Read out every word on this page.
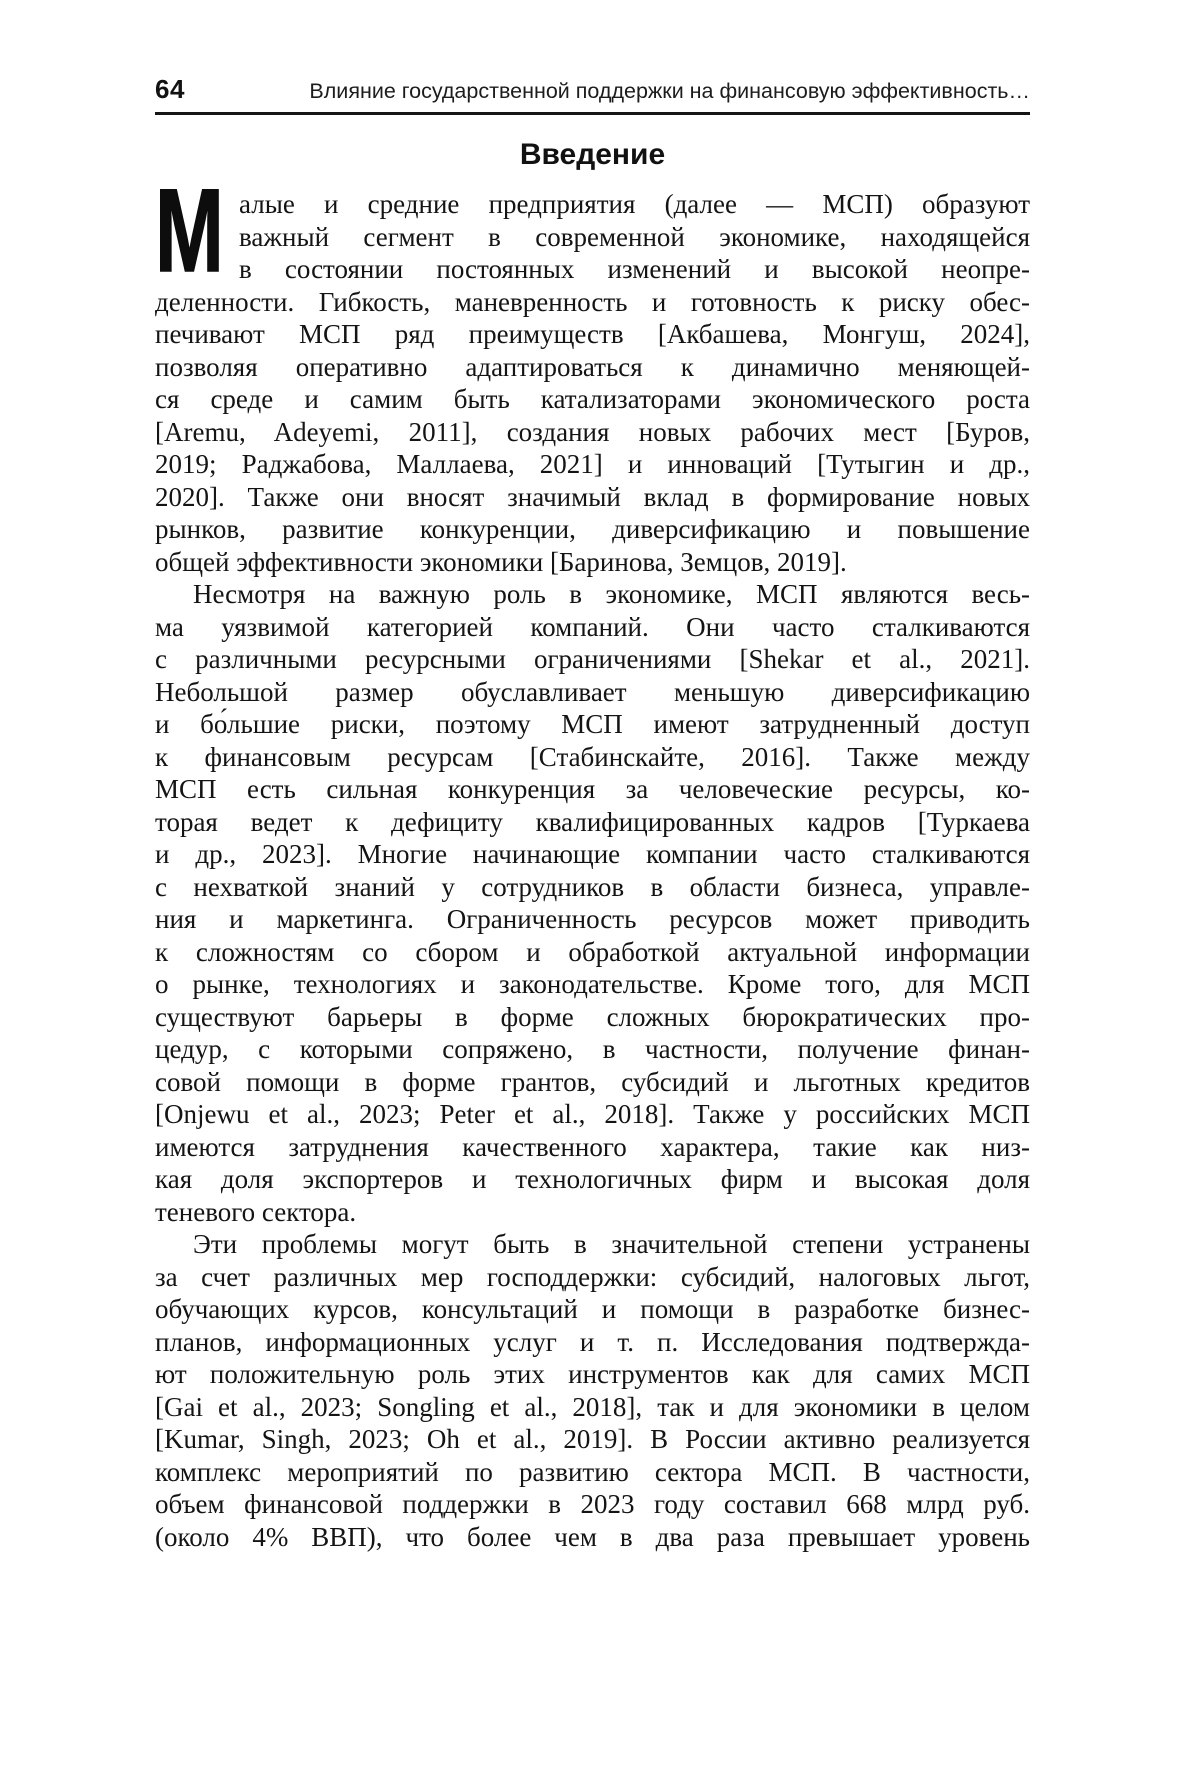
64	Влияние государственной поддержки на финансовую эффективность…
Введение
М алые и средние предприятия (далее — МСП) образуют
важный сегмент в современной экономике, находящейся
в состоянии постоянных изменений и высокой неопре-
деленности. Гибкость, маневренность и готовность к риску обес-
печивают МСП ряд преимуществ [Акбашева, Монгуш, 2024],
позволяя оперативно адаптироваться к динамично меняющей-
ся среде и самим быть катализаторами экономического роста
[Aremu, Adeyemi, 2011], создания новых рабочих мест [Буров,
2019; Раджабова, Маллаева, 2021] и инноваций [Тутыгин и др.,
2020]. Также они вносят значимый вклад в формирование новых
рынков, развитие конкуренции, диверсификацию и повышение
общей эффективности экономики [Баринова, Земцов, 2019].
Несмотря на важную роль в экономике, МСП являются весь-
ма уязвимой категорией компаний. Они часто сталкиваются
с различными ресурсными ограничениями [Shekar et al., 2021].
Небольшой размер обуславливает меньшую диверсификацию
и бо́льшие риски, поэтому МСП имеют затрудненный доступ
к финансовым ресурсам [Стабинскайте, 2016]. Также между
МСП есть сильная конкуренция за человеческие ресурсы, ко-
торая ведет к дефициту квалифицированных кадров [Туркаева
и др., 2023]. Многие начинающие компании часто сталкиваются
с нехваткой знаний у сотрудников в области бизнеса, управле-
ния и маркетинга. Ограниченность ресурсов может приводить
к сложностям со сбором и обработкой актуальной информации
о рынке, технологиях и законодательстве. Кроме того, для МСП
существуют барьеры в форме сложных бюрократических про-
цедур, с которыми сопряжено, в частности, получение финан-
совой помощи в форме грантов, субсидий и льготных кредитов
[Onjewu et al., 2023; Peter et al., 2018]. Также у российских МСП
имеются затруднения качественного характера, такие как низ-
кая доля экспортеров и технологичных фирм и высокая доля
теневого сектора.
Эти проблемы могут быть в значительной степени устранены
за счет различных мер господдержки: субсидий, налоговых льгот,
обучающих курсов, консультаций и помощи в разработке бизнес-
планов, информационных услуг и т. п. Исследования подтвержда-
ют положительную роль этих инструментов как для самих МСП
[Gai et al., 2023; Songling et al., 2018], так и для экономики в целом
[Kumar, Singh, 2023; Oh et al., 2019]. В России активно реализуется
комплекс мероприятий по развитию сектора МСП. В частности,
объем финансовой поддержки в 2023 году составил 668 млрд руб.
(около 4% ВВП), что более чем в два раза превышает уровень
